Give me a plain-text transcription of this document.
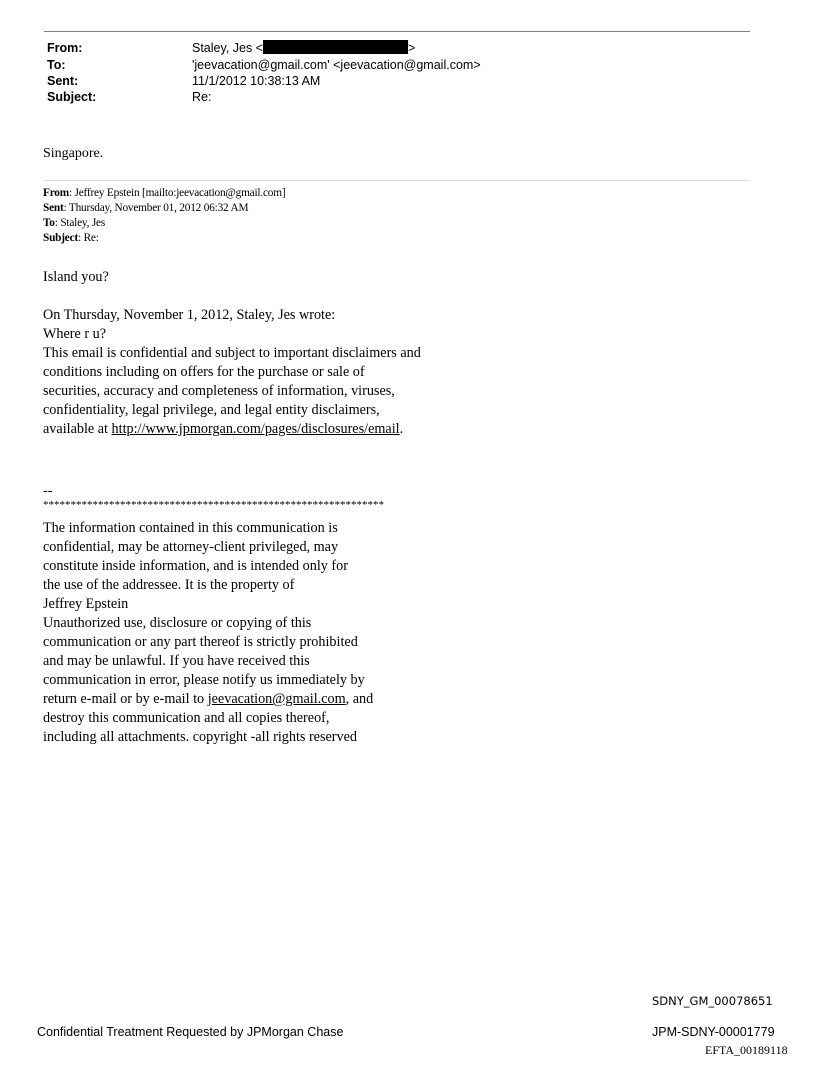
From:	Staley, Jes <	>
To:	'jeevacation@gmail.com' <jeevacation@gmail.com>
Sent:	11/1/2012 10:38:13 AM
Subject:	Re:
Singapore.
From: Jeffrey Epstein [mailto:jeevacation@gmail.com]
Sent: Thursday, November 01, 2012 06:32 AM
To: Staley, Jes
Subject: Re:
Island you?
On Thursday, November 1, 2012, Staley, Jes wrote:
Where r u?
This email is confidential and subject to important disclaimers and
conditions including on offers for the purchase or sale of
securities, accuracy and completeness of information, viruses,
confidentiality, legal privilege, and legal entity disclaimers,
available at http://www.jpmorgan.com/pages/disclosures/email.
--
**************************************************************
The information contained in this communication is
confidential, may be attorney-client privileged, may
constitute inside information, and is intended only for
the use of the addressee. It is the property of
Jeffrey Epstein
Unauthorized use, disclosure or copying of this
communication or any part thereof is strictly prohibited
and may be unlawful. If you have received this
communication in error, please notify us immediately by
return e-mail or by e-mail to jeevacation@gmail.com, and
destroy this communication and all copies thereof,
including all attachments. copyright -all rights reserved
SDNY_GM_00078651
Confidential Treatment Requested by JPMorgan Chase	JPM-SDNY-00001779
EFTA_00189118
